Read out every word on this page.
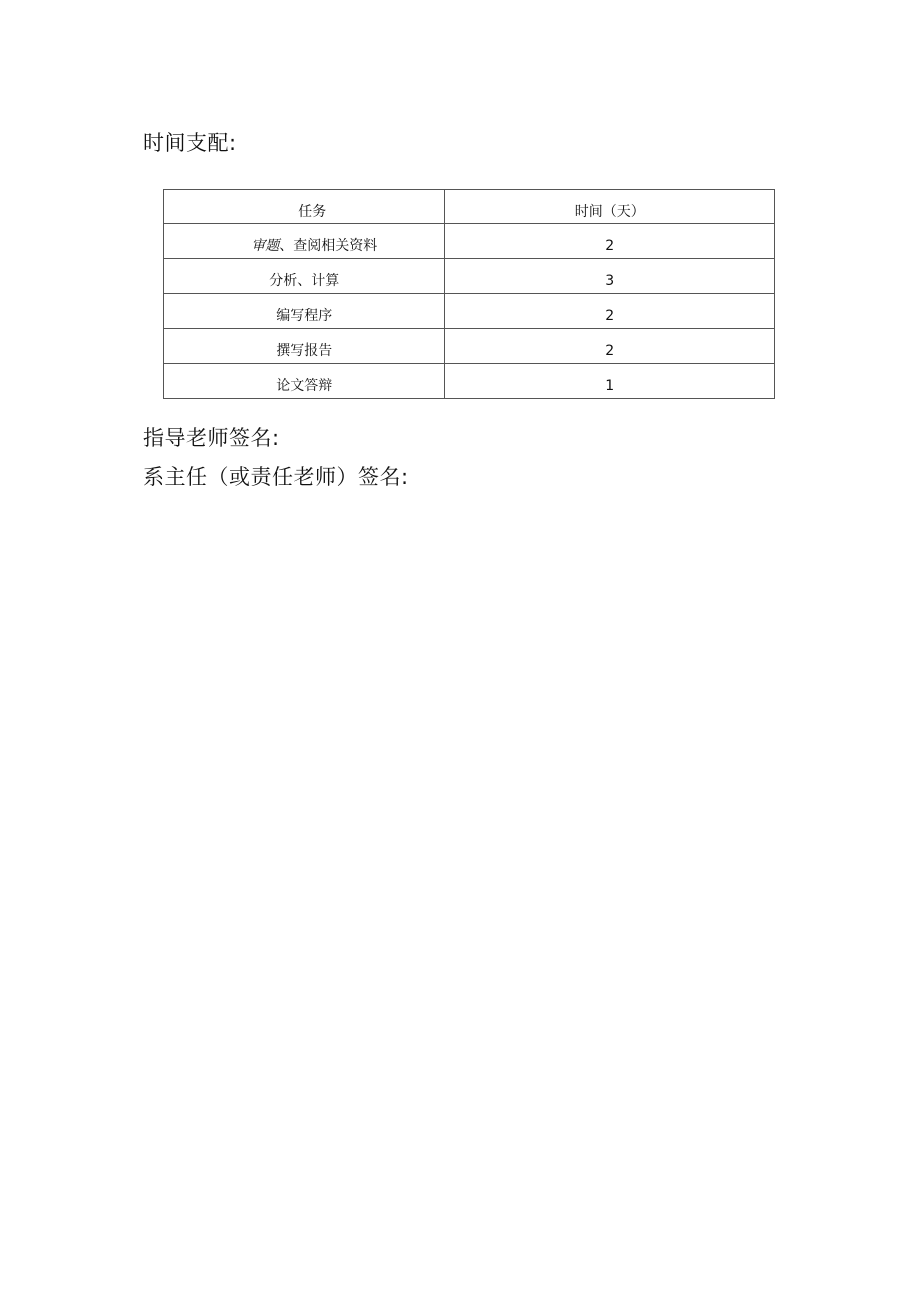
时间支配:
任务	时间（天）
审题、查阅相关资料	2
分析、计算	3
编写程序	2
撰写报告	2
论文答辩	1
指导老师签名:
系主任（或责任老师）签名:
